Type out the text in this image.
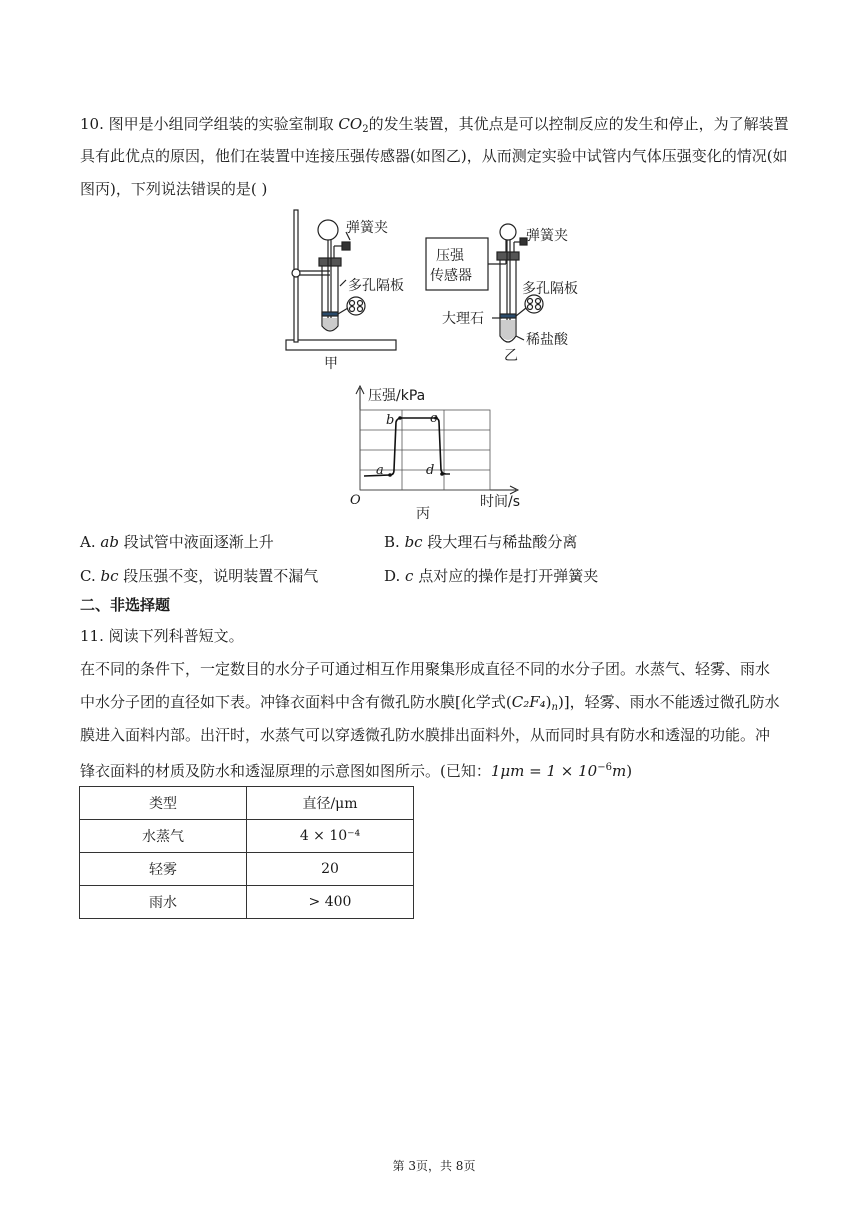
10. 图甲是小组同学组装的实验室制取 $CO_2$的发生装置，其优点是可以控制反应的发生和停止，为了解装置
具有此优点的原因，他们在装置中连接压强传感器(如图乙)，从而测定实验中试管内气体压强变化的情况(如
图丙)，下列说法错误的是( )
弹簧夹
多孔隔板
甲
压强
传感器
弹簧夹
多孔隔板
大理石
稀盐酸
乙
a
b	c
d
压强/kPa
时间/s
O
丙
A. ab 段试管中液面逐渐上升	B. bc 段大理石与稀盐酸分离
C. bc 段压强不变，说明装置不漏气	D. c 点对应的操作是打开弹簧夹
二、非选择题
11. 阅读下列科普短文。
在不同的条件下，一定数目的水分子可通过相互作用聚集形成直径不同的水分子团。水蒸气、轻雾、雨水
中水分子团的直径如下表。冲锋衣面料中含有微孔防水膜[化学式$(C_2F_4)_n$)]，轻雾、雨水不能透过微孔防水
膜进入面料内部。出汗时，水蒸气可以穿透微孔防水膜排出面料外，从而同时具有防水和透湿的功能。冲
锋衣面料的材质及防水和透湿原理的示意图如图所示。(已知：$1\mu m = 1 \times 10^{-6}m$)
类型	直径/μm
水蒸气	4 × 10⁻⁴
轻雾	20
雨水	> 400
第 3页，共 8页
